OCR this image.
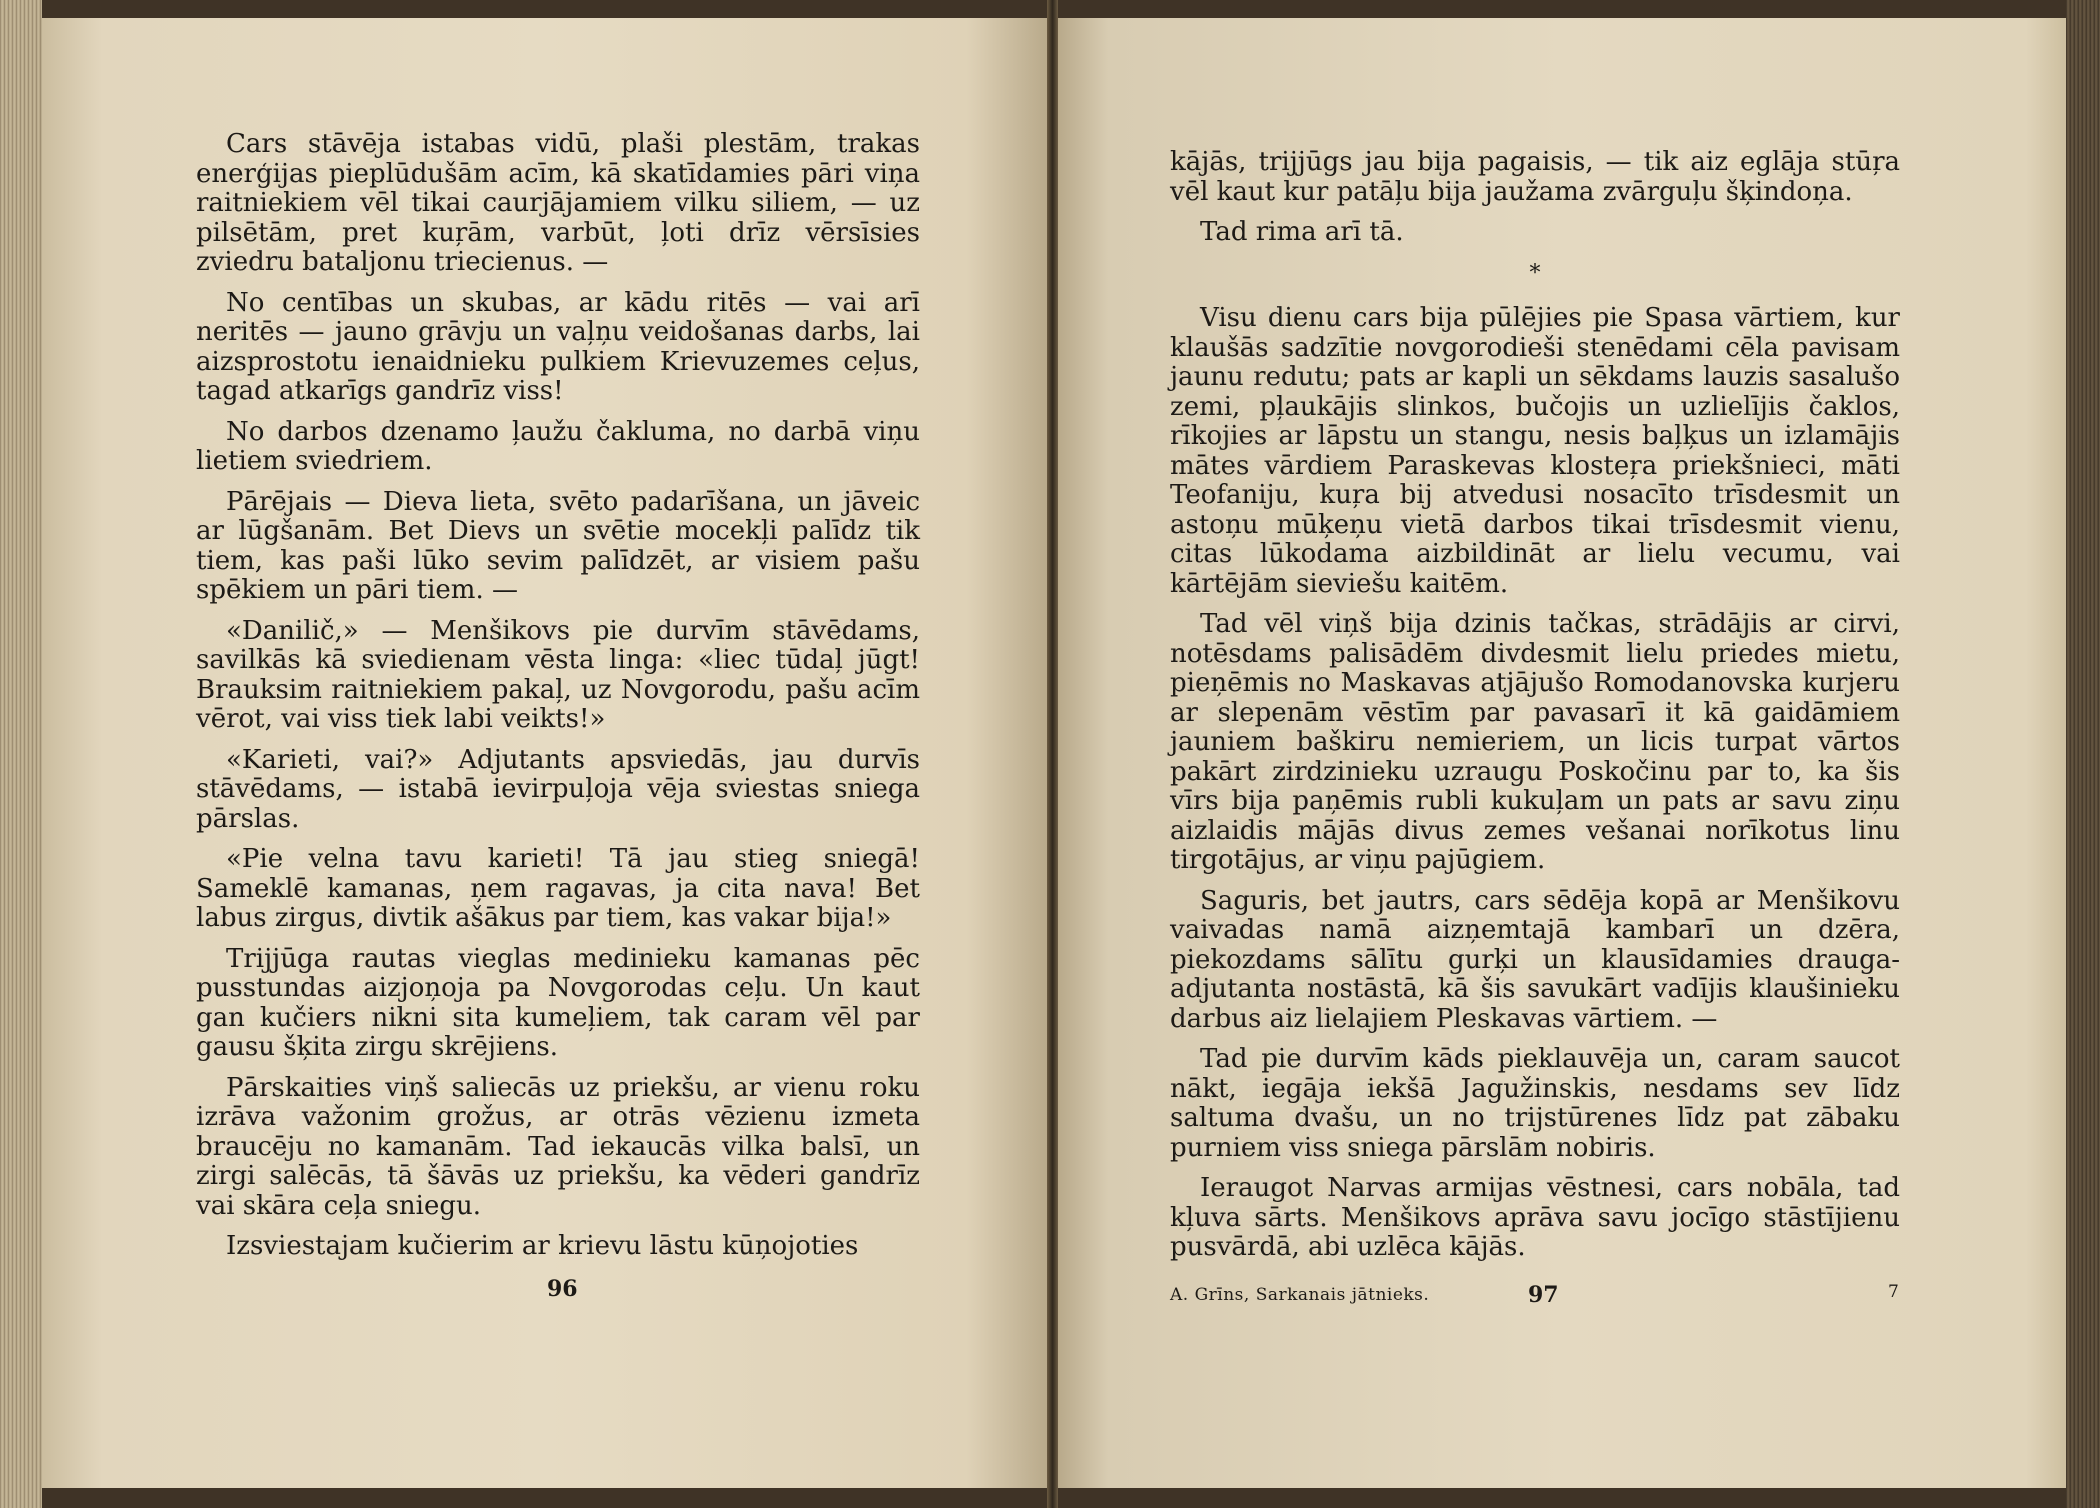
Cars stāvēja istabas vidū, plaši plestām, trakas enerģijas pieplūdušām acīm, kā skatīdamies pāri viņa raitniekiem vēl tikai caurjājamiem vilku siliem, — uz pilsētām, pret kuŗām, varbūt, ļoti drīz vērsīsies zviedru bataljonu triecienus. —

No centības un skubas, ar kādu ritēs — vai arī neritēs — jauno grāvju un vaļņu veidošanas darbs, lai aizsprostotu ienaidnieku pulkiem Krievuzemes ceļus, tagad atkarīgs gandrīz viss!

No darbos dzenamo ļaužu čakluma, no darbā viņu lietiem sviedriem.

Pārējais — Dieva lieta, svēto padarīšana, un jāveic ar lūgšanām. Bet Dievs un svētie mocekļi palīdz tik tiem, kas paši lūko sevim palīdzēt, ar visiem pašu spēkiem un pāri tiem. —

«Danilič,» — Menšikovs pie durvīm stāvēdams, savilkās kā sviedienam vēsta linga: «liec tūdaļ jūgt! Brauksim raitniekiem pakaļ, uz Novgorodu, pašu acīm vērot, vai viss tiek labi veikts!»

«Karieti, vai?» Adjutants apsviedās, jau durvīs stāvēdams, — istabā ievirpuļoja vēja sviestas sniega pārslas.

«Pie velna tavu karieti! Tā jau stieg sniegā! Sameklē kamanas, ņem ragavas, ja cita nava! Bet labus zirgus, divtik ašākus par tiem, kas vakar bija!»

Trijjūga rautas vieglas medinieku kamanas pēc pusstundas aizjoņoja pa Novgorodas ceļu. Un kaut gan kučiers nikni sita kumeļiem, tak caram vēl par gausu šķita zirgu skrējiens.

Pārskaities viņš saliecās uz priekšu, ar vienu roku izrāva važonim grožus, ar otrās vēzienu izmeta braucēju no kamanām. Tad iekaucās vilka balsī, un zirgi salēcās, tā šāvās uz priekšu, ka vēderi gandrīz vai skāra ceļa sniegu.

Izsviestajam kučierim ar krievu lāstu kūņojoties

96

kājās, trijjūgs jau bija pagaisis, — tik aiz eglāja stūŗa vēl kaut kur patāļu bija jaužama zvārguļu šķindoņa.

Tad rima arī tā.

*

Visu dienu cars bija pūlējies pie Spasa vārtiem, kur klaušās sadzītie novgorodieši stenēdami cēla pavisam jaunu redutu; pats ar kapli un sēkdams lauzis sasalušo zemi, pļaukājis slinkos, bučojis un uzlielījis čaklos, rīkojies ar lāpstu un stangu, nesis baļķus un izlamājis mātes vārdiem Paraskevas klosteŗa priekšnieci, māti Teofaniju, kuŗa bij atvedusi nosacīto trīsdesmit un astoņu mūķeņu vietā darbos tikai trīsdesmit vienu, citas lūkodama aizbildināt ar lielu vecumu, vai kārtējām sieviešu kaitēm.

Tad vēl viņš bija dzinis tačkas, strādājis ar cirvi, notēsdams palisādēm divdesmit lielu priedes mietu, pieņēmis no Maskavas atjājušo Romodanovska kurjeru ar slepenām vēstīm par pavasarī it kā gaidāmiem jauniem baškiru nemieriem, un licis turpat vārtos pakārt zirdzinieku uzraugu Poskočinu par to, ka šis vīrs bija paņēmis rubli kukuļam un pats ar savu ziņu aizlaidis mājās divus zemes vešanai norīkotus linu tirgotājus, ar viņu pajūgiem.

Saguris, bet jautrs, cars sēdēja kopā ar Menšikovu vaivadas namā aizņemtajā kambarī un dzēra, piekozdams sālītu gurķi un klausīdamies drauga-adjutanta nostāstā, kā šis savukārt vadījis klaušinieku darbus aiz lielajiem Pleskavas vārtiem. —

Tad pie durvīm kāds pieklauvēja un, caram saucot nākt, iegāja iekšā Jagužinskis, nesdams sev līdz saltuma dvašu, un no trijstūrenes līdz pat zābaku purniem viss sniega pārslām nobiris.

Ieraugot Narvas armijas vēstnesi, cars nobāla, tad kļuva sārts. Menšikovs aprāva savu jocīgo stāstījienu pusvārdā, abi uzlēca kājās.

A. Grīns, Sarkanais jātnieks.	97	7
